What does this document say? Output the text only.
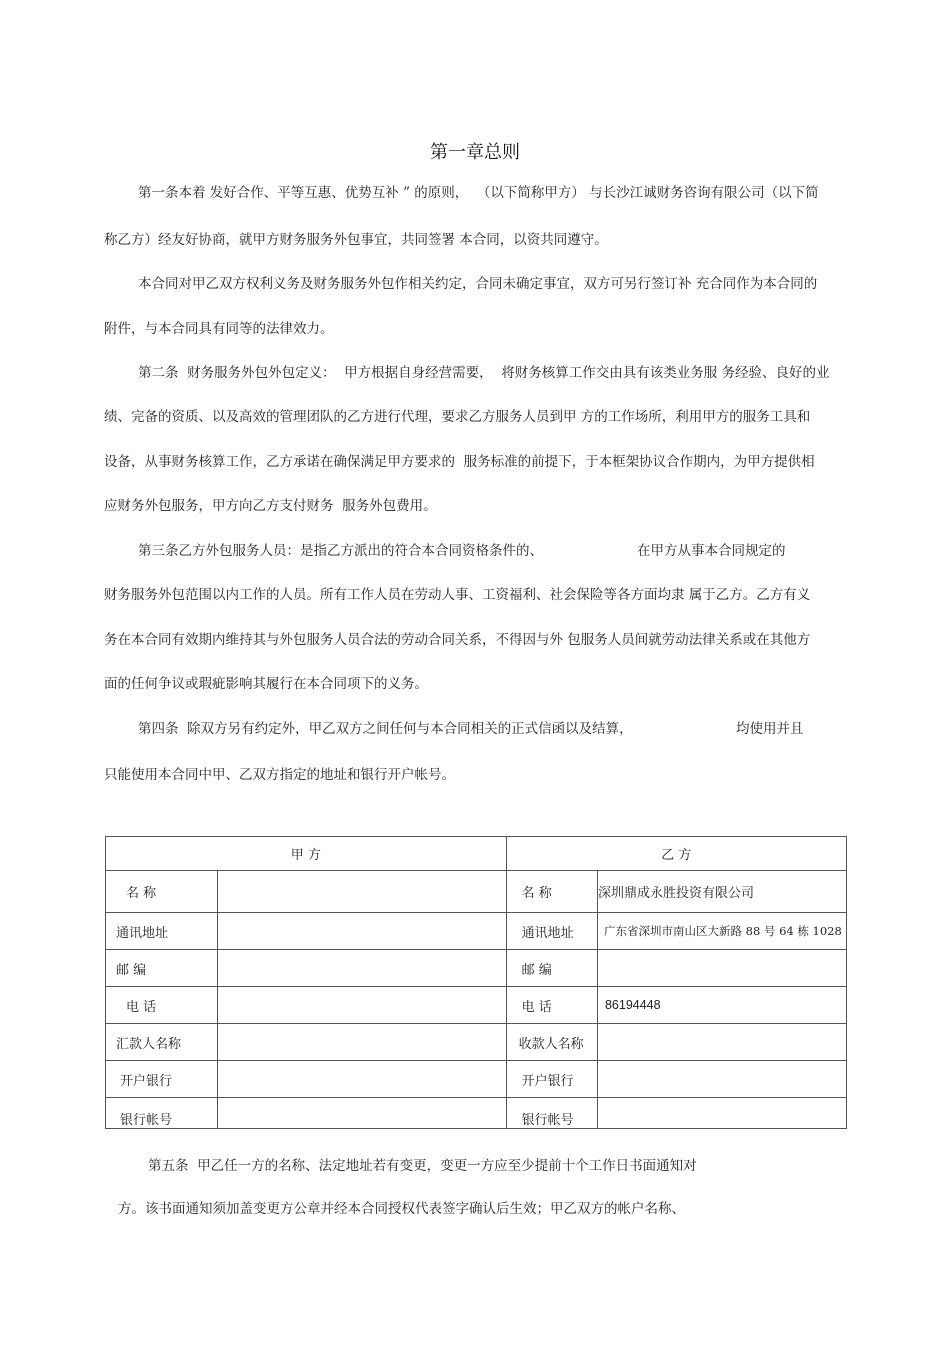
第一章总则
第一条本着 发好合作、平等互惠、优势互补 ” 的原则，  （以下简称甲方） 与长沙江诚财务咨询有限公司（以下简
称乙方）经友好协商，就甲方财务服务外包事宜，共同签署 本合同，以资共同遵守。
本合同对甲乙双方权利义务及财务服务外包作相关约定，合同未确定事宜，双方可另行签订补 充合同作为本合同的
附件，与本合同具有同等的法律效力。
第二条  财务服务外包外包定义：  甲方根据自身经营需要，  将财务核算工作交由具有该类业务服 务经验、良好的业
绩、完备的资质、以及高效的管理团队的乙方进行代理，要求乙方服务人员到甲 方的工作场所，利用甲方的服务工具和
设备，从事财务核算工作，乙方承诺在确保满足甲方要求的  服务标准的前提下，于本框架协议合作期内，为甲方提供相
应财务外包服务，甲方向乙方支付财务  服务外包费用。
第三条乙方外包服务人员：是指乙方派出的符合本合同资格条件的、	在甲方从事本合同规定的
财务服务外包范围以内工作的人员。所有工作人员在劳动人事、工资福利、社会保险等各方面均隶 属于乙方。乙方有义
务在本合同有效期内维持其与外包服务人员合法的劳动合同关系，不得因与外 包服务人员间就劳动法律关系或在其他方
面的任何争议或瑕疵影响其履行在本合同项下的义务。
第四条  除双方另有约定外，甲乙双方之间任何与本合同相关的正式信函以及结算，	均使用并且
只能使用本合同中甲、乙双方指定的地址和银行开户帐号。
甲 方		乙 方	
名 称		名 称	深圳鼎成永胜投资有限公司
通讯地址		通讯地址	广东省深圳市南山区大新路 88 号 64 栋 1028
邮 编		邮 编	
电 话		电 话	86194448
汇款人名称		收款人名称	
开户银行		开户银行	
银行帐号		银行帐号	
第五条  甲乙任一方的名称、法定地址若有变更，变更一方应至少提前十个工作日书面通知对
方。该书面通知须加盖变更方公章并经本合同授权代表签字确认后生效；甲乙双方的帐户名称、
